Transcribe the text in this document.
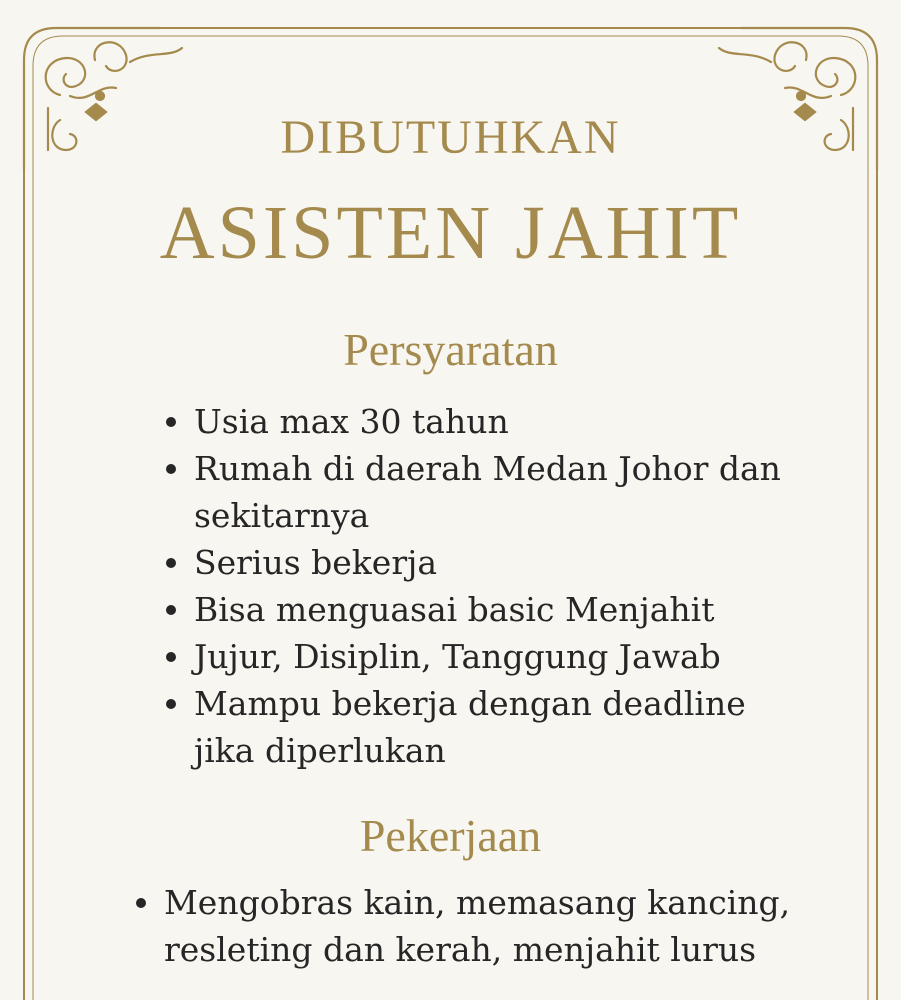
DIBUTUHKAN
ASISTEN JAHIT
Persyaratan
Usia max 30 tahun
Rumah di daerah Medan Johor dan sekitarnya
Serius bekerja
Bisa menguasai basic Menjahit
Jujur, Disiplin, Tanggung Jawab
Mampu bekerja dengan deadline jika diperlukan
Pekerjaan
Mengobras kain, memasang kancing, resleting dan kerah, menjahit lurus
